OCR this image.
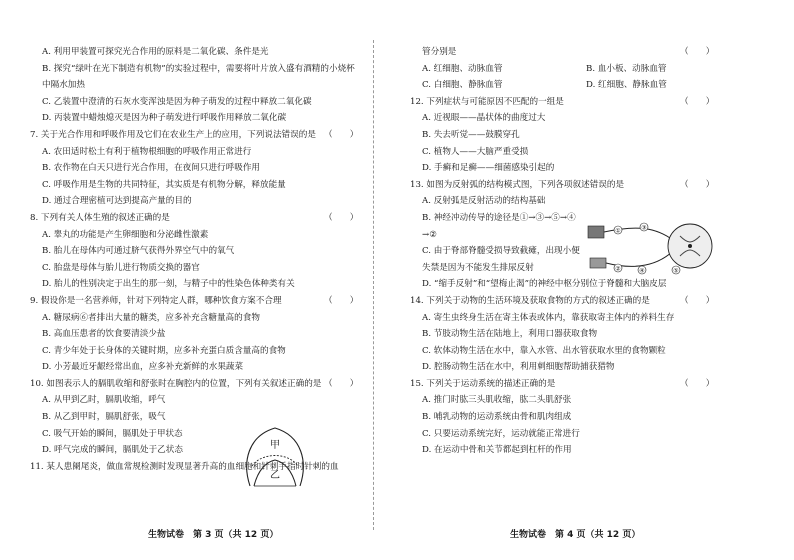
A. 利用甲装置可探究光合作用的原料是二氧化碳、条件是光
B. 探究“绿叶在光下制造有机物”的实验过程中，需要将叶片放入盛有酒精的小烧杯
中隔水加热
C. 乙装置中澄清的石灰水变浑浊是因为种子萌发的过程中释放二氧化碳
D. 丙装置中蜡烛熄灭是因为种子萌发进行呼吸作用释放二氧化碳
7. 关于光合作用和呼吸作用及它们在农业生产上的应用，下列说法错误的是 （　　）
A. 农田适时松土有利于植物根细胞的呼吸作用正常进行
B. 农作物在白天只进行光合作用，在夜间只进行呼吸作用
C. 呼吸作用是生物的共同特征，其实质是有机物分解，释放能量
D. 通过合理密植可达到提高产量的目的
8. 下列有关人体生殖的叙述正确的是	（　　）
A. 睾丸的功能是产生卵细胞和分泌雌性激素
B. 胎儿在母体内可通过脐气获得外界空气中的氧气
C. 胎盘是母体与胎儿进行物质交换的器官
D. 胎儿的性别决定于出生的那一刻，与精子中的性染色体种类有关
9. 假设你是一名营养师，针对下列特定人群，哪种饮食方案不合理	（　　）
A. 糖尿病⑥者排出大量的糖类，应多补充含糖量高的食物
B. 高血压患者的饮食要清淡少盐
C. 青少年处于长身体的关键时期，应多补充蛋白质含量高的食物
D. 小芳最近牙龈经常出血，应多补充新鲜的水果蔬菜
10. 如图表示人的膈肌收缩和舒张时在胸腔内的位置，下列有关叙述正确的是 （　　）
A. 从甲到乙时，膈肌收缩，呼气
B. 从乙到甲时，膈肌舒张，吸气
C. 吸气开始的瞬间，膈肌处于甲状态
D. 呼气完成的瞬间，膈肌处于乙状态
11. 某人患阑尾炎，做血常规检测时发现显著升高的血细胞和针刺手指时针刺的血
管分别是	（　　）
A. 红细胞、动脉血管	B. 血小板、动脉血管
C. 白细胞、静脉血管	D. 红细胞、静脉血管
12. 下列症状与可能原因不匹配的一组是	（　　）
A. 近视眼——晶状体的曲度过大
B. 失去听觉——鼓膜穿孔
C. 植物人——大脑严重受损
D. 手癣和足癣——细菌感染引起的
13. 如图为反射弧的结构模式图，下列各项叙述错误的是	（　　）
A. 反射弧是反射活动的结构基础
B. 神经冲动传导的途径是①→③→⑤→④
→②
C. 由于脊部脊髓受损导致截瘫，出现小便
失禁是因为不能发生排尿反射
D. “缩手反射”和“望梅止渴”的神经中枢分别位于脊髓和大脑皮层
14. 下列关于动物的生活环境及获取食物的方式的叙述正确的是	（　　）
A. 寄生虫终身生活在寄主体表或体内，靠获取寄主体内的养料生存
B. 节肢动物生活在陆地上，利用口器获取食物
C. 软体动物生活在水中，靠入水管、出水管获取水里的食物颗粒
D. 腔肠动物生活在水中，利用刺细胞帮助捕获猎物
15. 下列关于运动系统的描述正确的是	（　　）
A. 推门时肱三头肌收缩，肱二头肌舒张
B. 哺乳动物的运动系统由骨和肌肉组成
C. 只要运动系统完好，运动就能正常进行
D. 在运动中骨和关节都起到杠杆的作用
甲
乙
①
②
③
④	⑤
生物试卷　第 3 页（共 12 页）	生物试卷　第 4 页（共 12 页）
